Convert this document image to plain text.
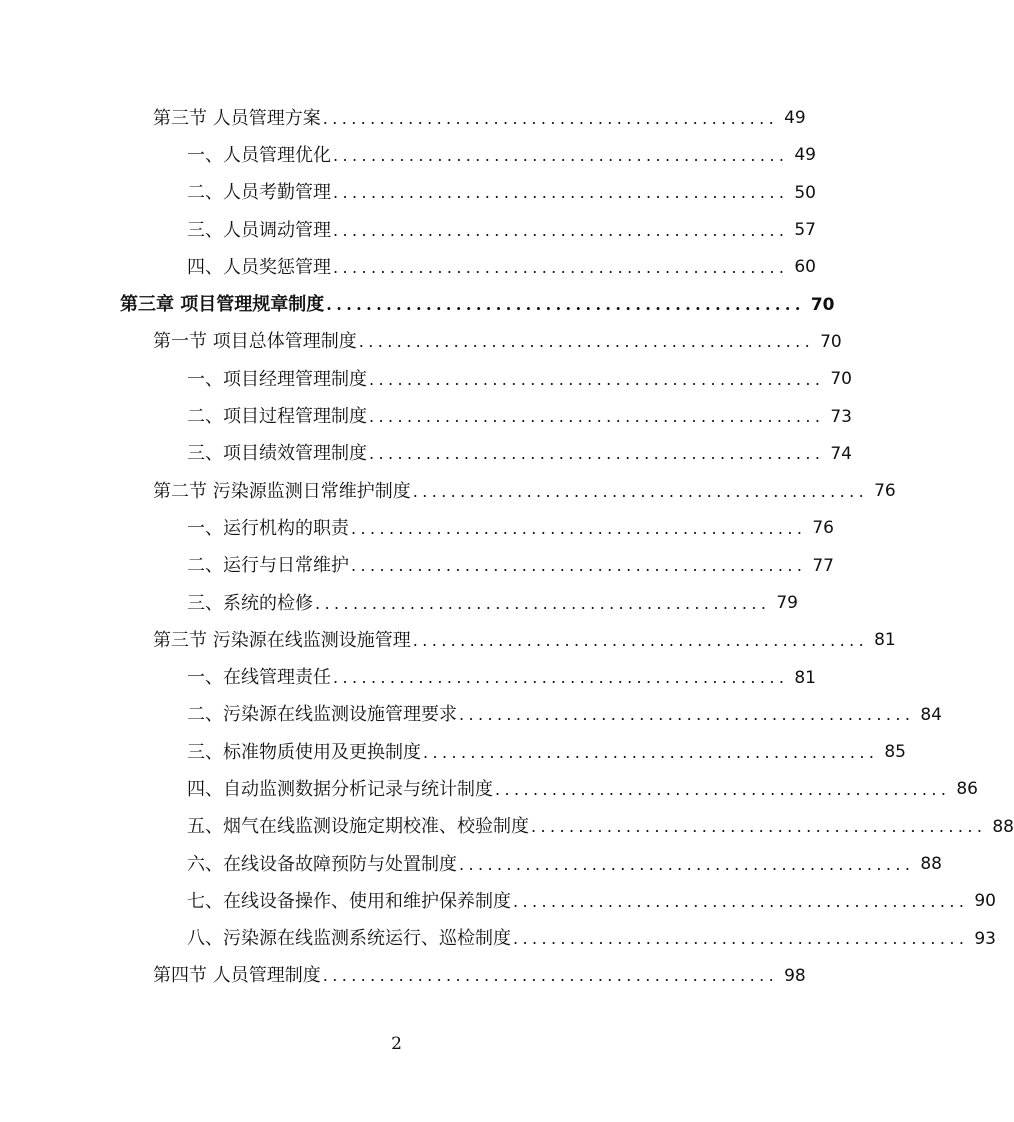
第三节 人员管理方案 ................................................ 49
一、人员管理优化 ................................................ 49
二、人员考勤管理 ................................................ 50
三、人员调动管理 ................................................ 57
四、人员奖惩管理 ................................................ 60
第三章 项目管理规章制度 ................................................ 70
第一节 项目总体管理制度 ................................................ 70
一、项目经理管理制度 ................................................ 70
二、项目过程管理制度 ................................................ 73
三、项目绩效管理制度 ................................................ 74
第二节 污染源监测日常维护制度 ................................................ 76
一、运行机构的职责 ................................................ 76
二、运行与日常维护 ................................................ 77
三、系统的检修 ................................................ 79
第三节 污染源在线监测设施管理 ................................................ 81
一、在线管理责任 ................................................ 81
二、污染源在线监测设施管理要求 ................................................ 84
三、标准物质使用及更换制度 ................................................ 85
四、自动监测数据分析记录与统计制度 ................................................ 86
五、烟气在线监测设施定期校准、校验制度 ................................................ 88
六、在线设备故障预防与处置制度 ................................................ 88
七、在线设备操作、使用和维护保养制度 ................................................ 90
八、污染源在线监测系统运行、巡检制度 ................................................ 93
第四节 人员管理制度 ................................................ 98
2
